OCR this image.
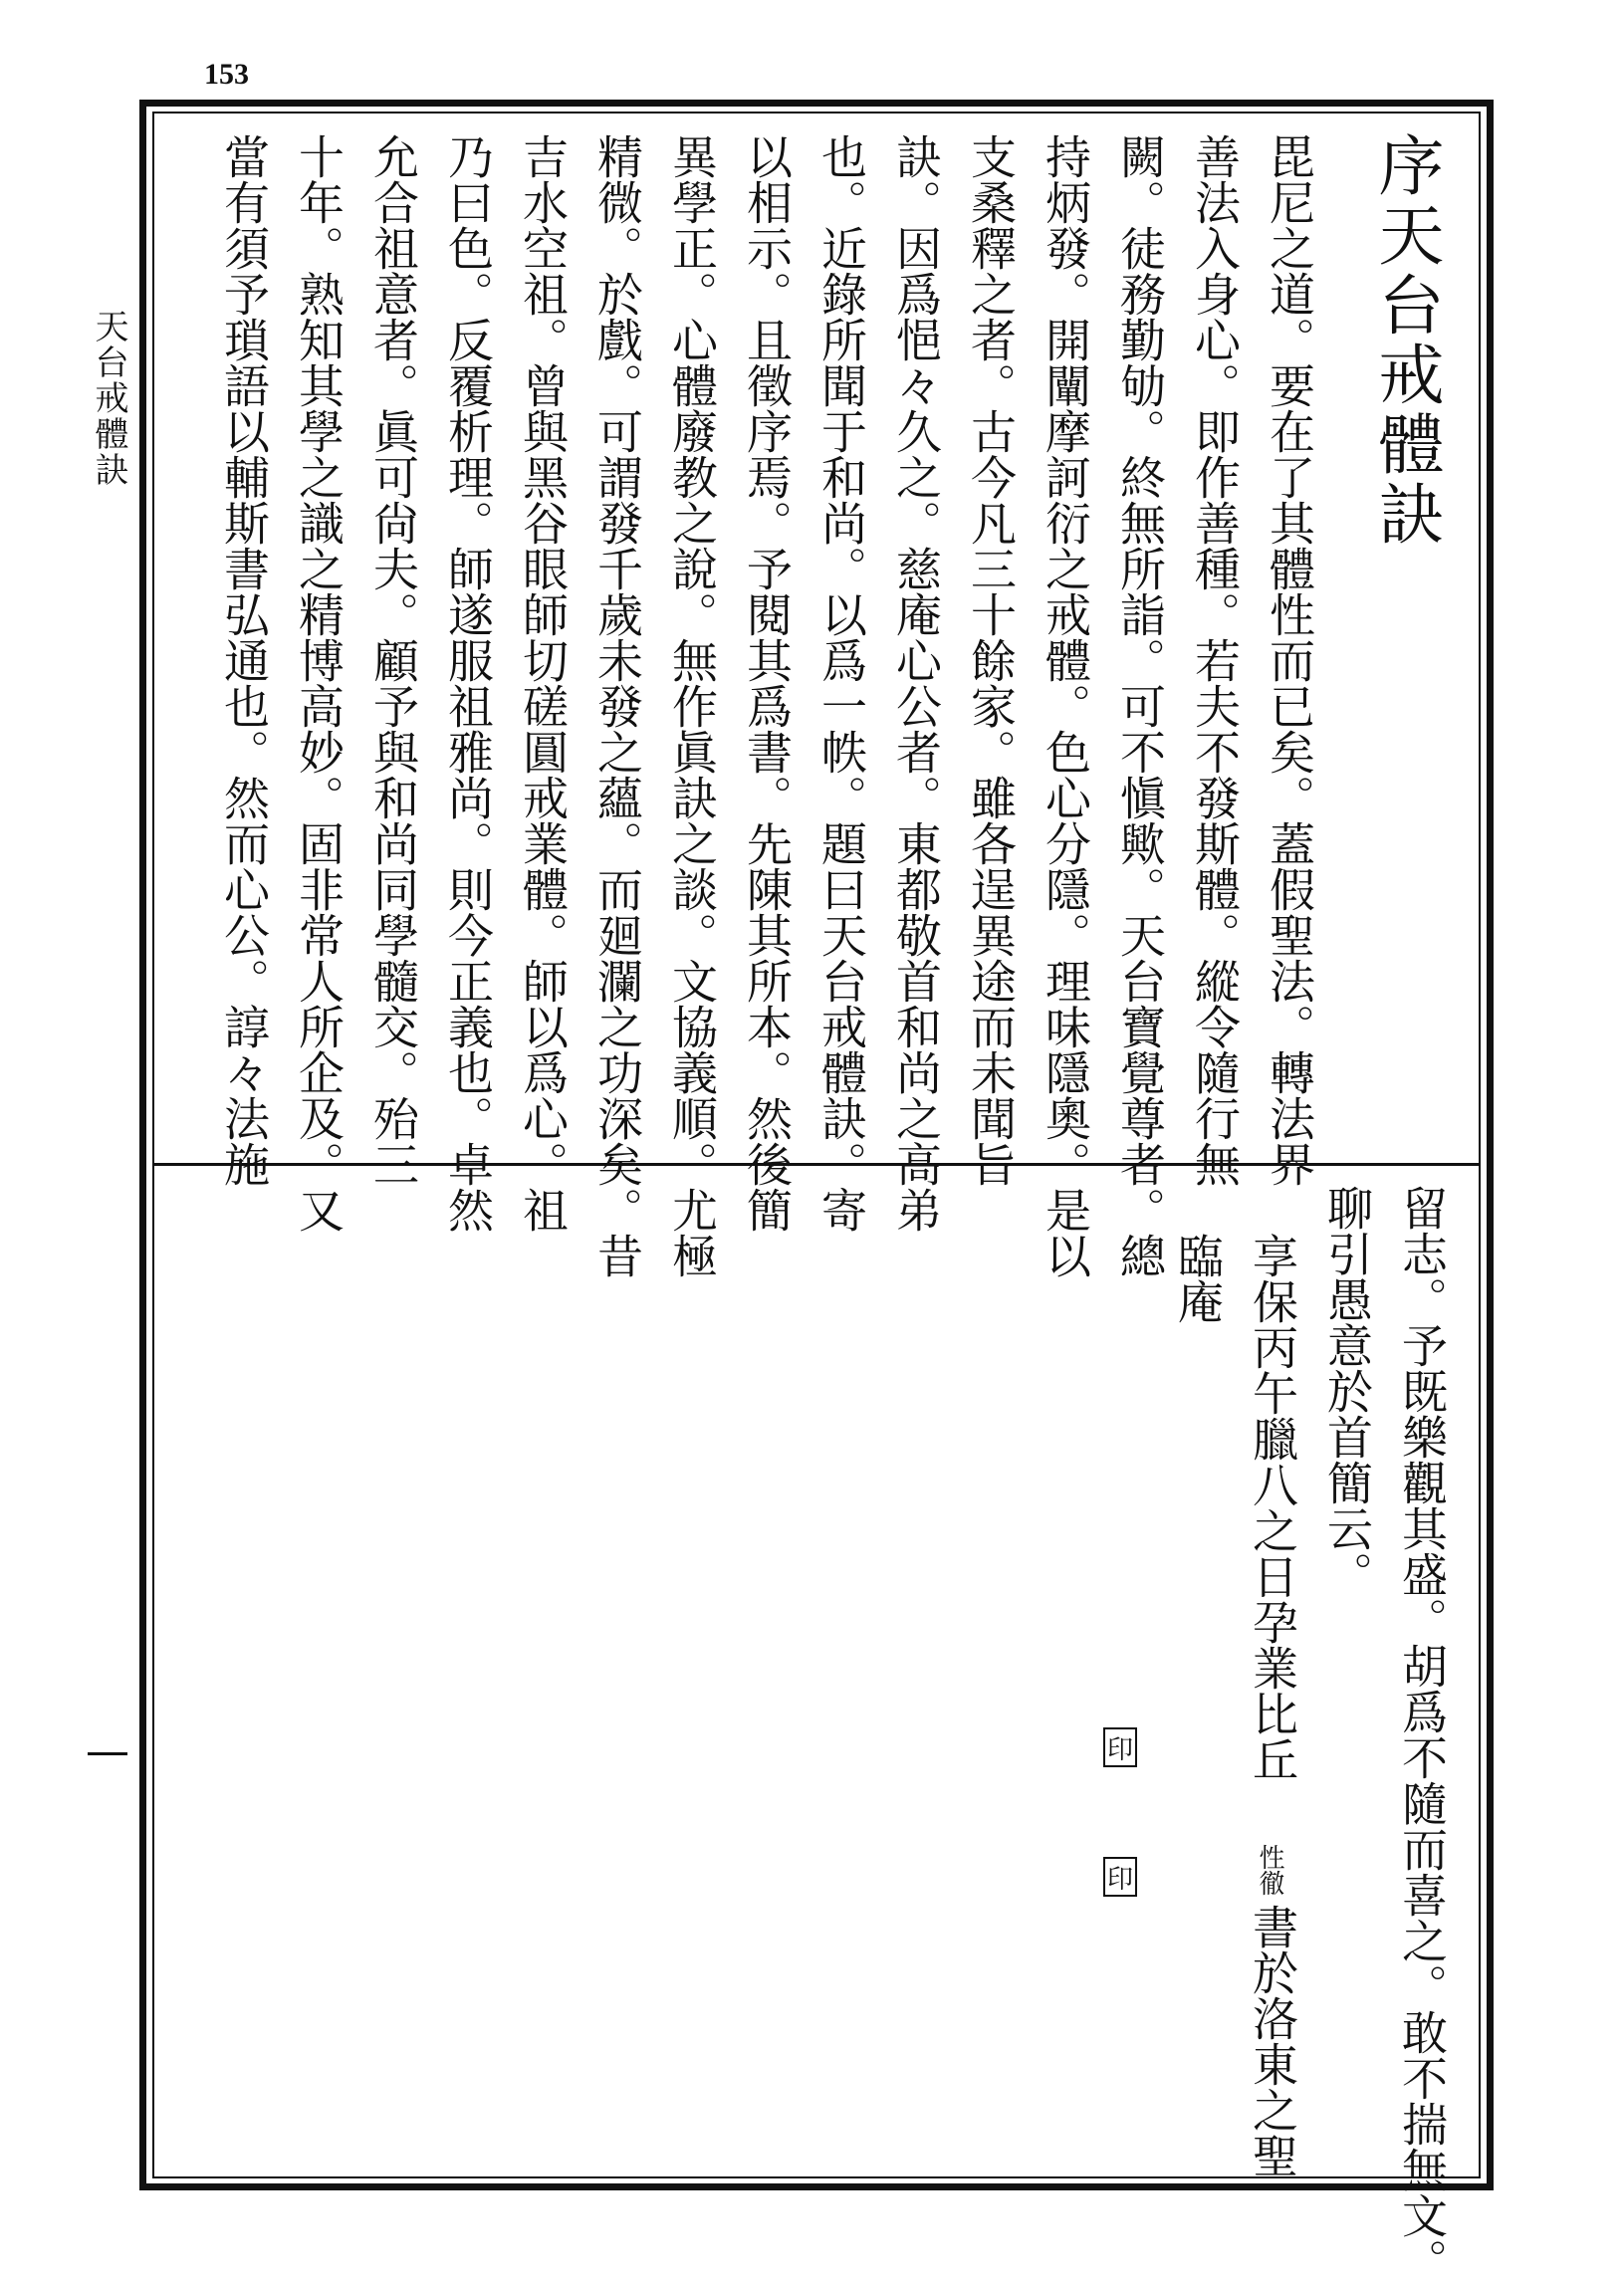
153
天台戒體訣	序天台戒體訣
毘尼之道。要在了其體性而已矣。蓋假聖法。轉法界
善法入身心。即作善種。若夫不發斯體。縱令隨行無
闕。徒務勤劬。終無所詣。可不愼歟。天台寶覺尊者。總
持炳發。開闡摩訶衍之戒體。色心分隱。理味隱奧。是以
支桑釋之者。古今凡三十餘家。雖各逞異途而未聞旨
訣。因爲悒々久之。慈庵心公者。東都敬首和尚之高弟
也。近錄所聞于和尚。以爲一帙。題曰天台戒體訣。寄
以相示。且徵序焉。予閱其爲書。先陳其所本。然後簡
異學正。心體廢教之說。無作眞訣之談。文協義順。尤極
精微。於戲。可謂發千歲未發之蘊。而廻瀾之功深矣。昔
吉水空祖。曾與黑谷眼師切磋圓戒業體。師以爲心。祖
乃曰色。反覆析理。師遂服祖雅尚。則今正義也。卓然
允合祖意者。眞可尙夫。顧予與和尚同學髓交。殆三
十年。熟知其學之識之精博高妙。固非常人所企及。又
當有須予瑣語以輔斯書弘通也。然而心公。諄々法施
留志。予既樂觀其盛。胡爲不隨而喜之。敢不揣無文。
聊引愚意於首簡云。
享保丙午臘八之日孕業比丘
性徹
書於洛東之聖
臨庵
印
印
